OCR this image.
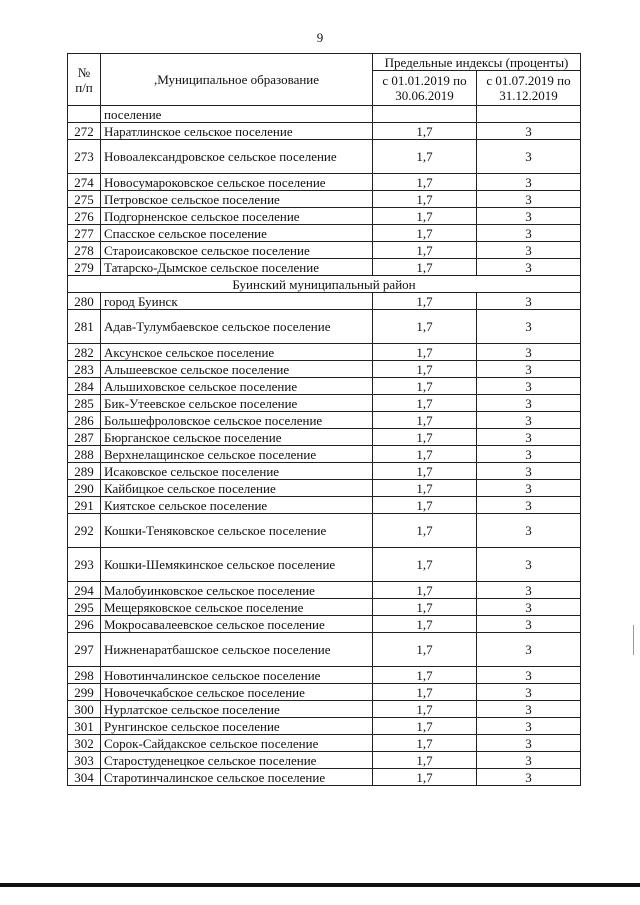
9
№ п/п	,Муниципальное образование	Предельные индексы (проценты)	
		с 01.01.2019 по 30.06.2019	с 01.07.2019 по 31.12.2019
	поселение		
272	Наратлинское сельское поселение	1,7	3
273	Новоалександровское сельское поселение	1,7	3
274	Новосумароковское сельское поселение	1,7	3
275	Петровское сельское поселение	1,7	3
276	Подгорненское сельское поселение	1,7	3
277	Спасское сельское поселение	1,7	3
278	Староисаковское сельское поселение	1,7	3
279	Татарско-Дымское сельское поселение	1,7	3
Буинский муниципальный район			
280	город Буинск	1,7	3
281	Адав-Тулумбаевское сельское поселение	1,7	3
282	Аксунское сельское поселение	1,7	3
283	Альшеевское сельское поселение	1,7	3
284	Альшиховское сельское поселение	1,7	3
285	Бик-Утеевское сельское поселение	1,7	3
286	Большефроловское сельское поселение	1,7	3
287	Бюрганское сельское поселение	1,7	3
288	Верхнелащинское сельское поселение	1,7	3
289	Исаковское сельское поселение	1,7	3
290	Кайбицкое сельское поселение	1,7	3
291	Киятское сельское поселение	1,7	3
292	Кошки-Теняковское сельское поселение	1,7	3
293	Кошки-Шемякинское сельское поселение	1,7	3
294	Малобуинковское сельское поселение	1,7	3
295	Мещеряковское сельское поселение	1,7	3
296	Мокросавалеевское сельское поселение	1,7	3
297	Нижненаратбашское сельское поселение	1,7	3
298	Новотинчалинское сельское поселение	1,7	3
299	Новочечкабское сельское поселение	1,7	3
300	Нурлатское сельское поселение	1,7	3
301	Рунгинское сельское поселение	1,7	3
302	Сорок-Сайдакское сельское поселение	1,7	3
303	Старостуденецкое сельское поселение	1,7	3
304	Старотинчалинское сельское поселение	1,7	3
